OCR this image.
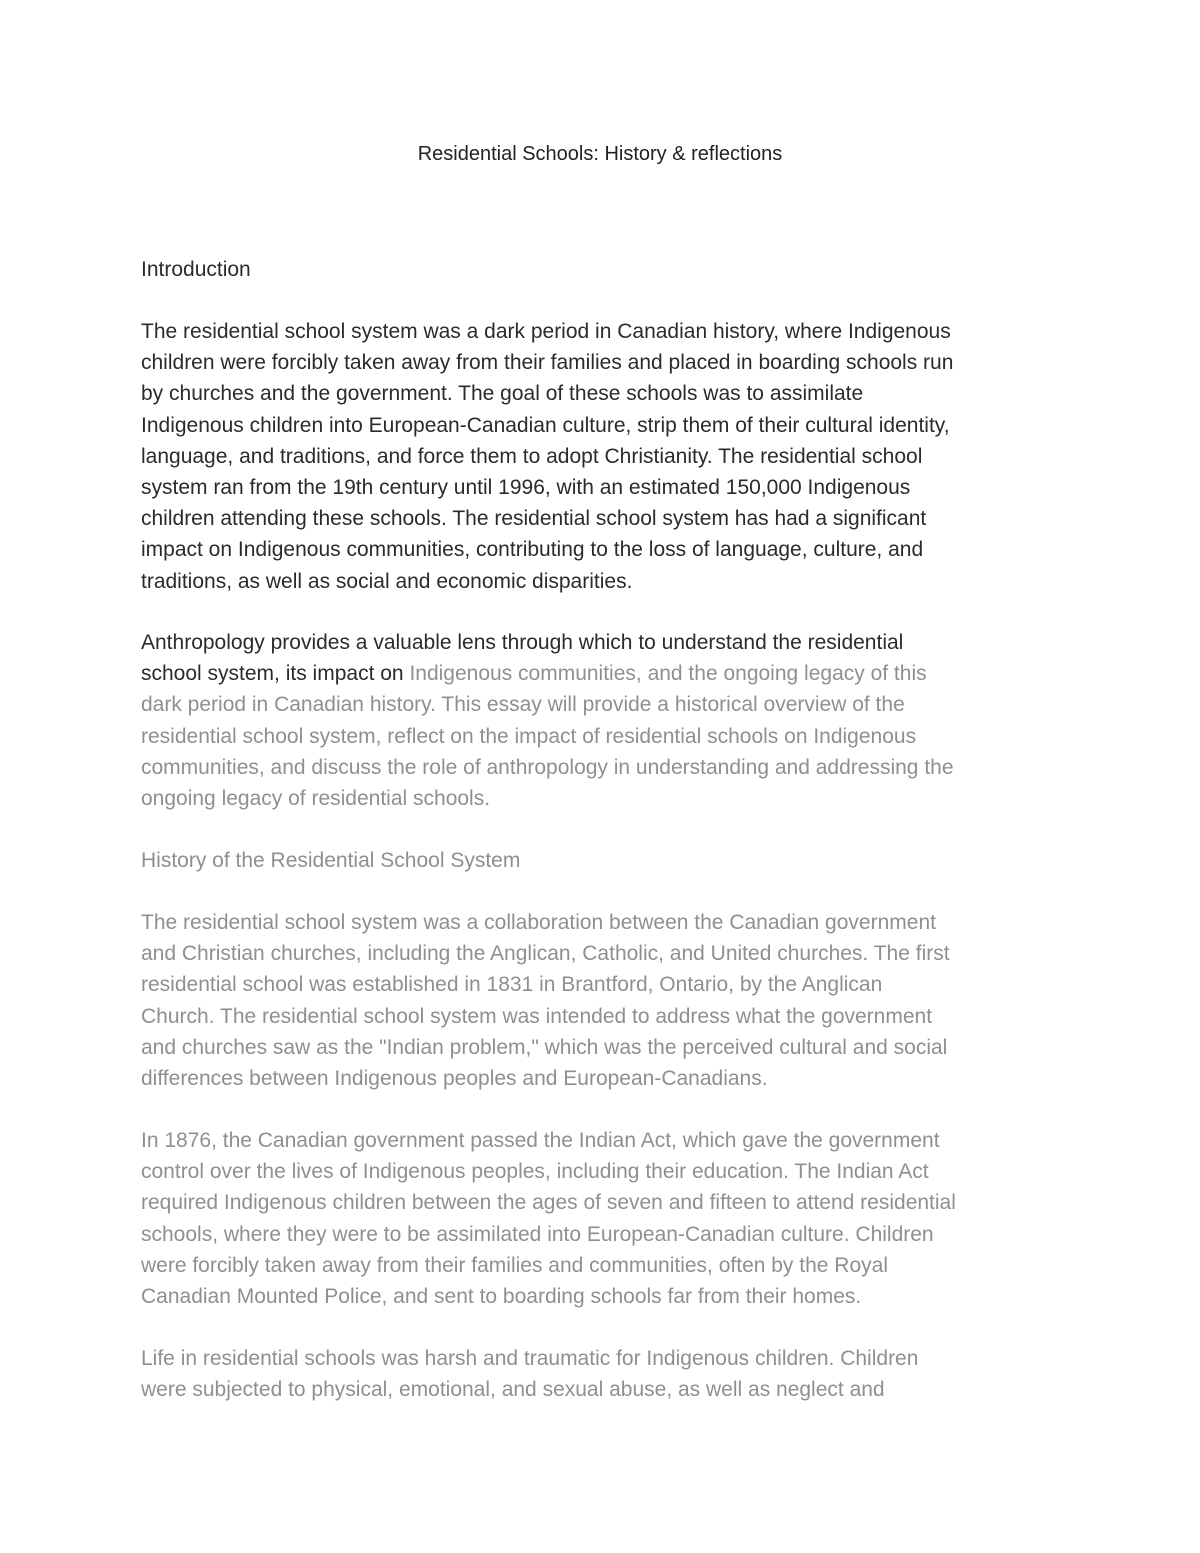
Residential Schools: History & reflections

Introduction

The residential school system was a dark period in Canadian history, where Indigenous
children were forcibly taken away from their families and placed in boarding schools run
by churches and the government. The goal of these schools was to assimilate
Indigenous children into European-Canadian culture, strip them of their cultural identity,
language, and traditions, and force them to adopt Christianity. The residential school
system ran from the 19th century until 1996, with an estimated 150,000 Indigenous
children attending these schools. The residential school system has had a significant
impact on Indigenous communities, contributing to the loss of language, culture, and
traditions, as well as social and economic disparities.

Anthropology provides a valuable lens through which to understand the residential
school system, its impact on Indigenous communities, and the ongoing legacy of this
dark period in Canadian history. This essay will provide a historical overview of the
residential school system, reflect on the impact of residential schools on Indigenous
communities, and discuss the role of anthropology in understanding and addressing the
ongoing legacy of residential schools.

History of the Residential School System

The residential school system was a collaboration between the Canadian government
and Christian churches, including the Anglican, Catholic, and United churches. The first
residential school was established in 1831 in Brantford, Ontario, by the Anglican
Church. The residential school system was intended to address what the government
and churches saw as the "Indian problem," which was the perceived cultural and social
differences between Indigenous peoples and European-Canadians.

In 1876, the Canadian government passed the Indian Act, which gave the government
control over the lives of Indigenous peoples, including their education. The Indian Act
required Indigenous children between the ages of seven and fifteen to attend residential
schools, where they were to be assimilated into European-Canadian culture. Children
were forcibly taken away from their families and communities, often by the Royal
Canadian Mounted Police, and sent to boarding schools far from their homes.

Life in residential schools was harsh and traumatic for Indigenous children. Children
were subjected to physical, emotional, and sexual abuse, as well as neglect and
